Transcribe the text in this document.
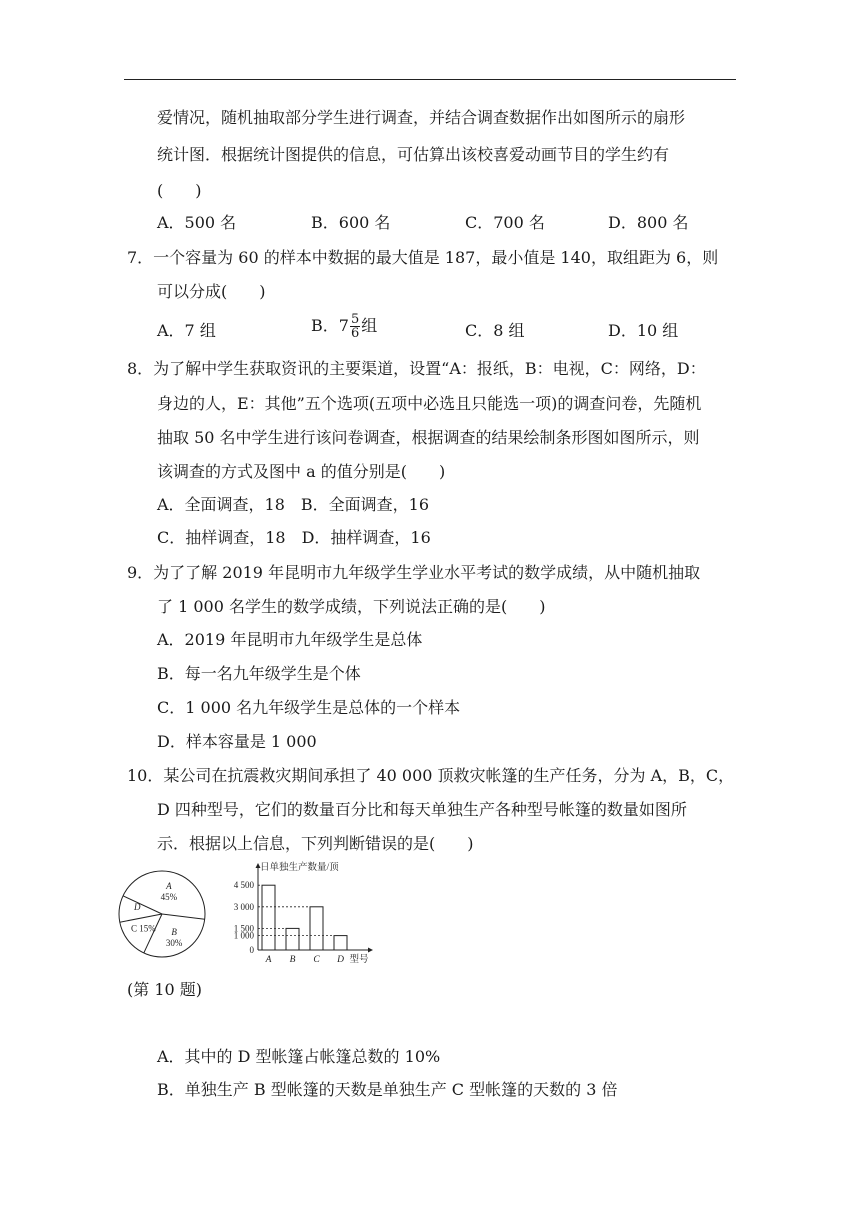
爱情况，随机抽取部分学生进行调查，并结合调查数据作出如图所示的扇形
统计图．根据统计图提供的信息，可估算出该校喜爱动画节目的学生约有
(　　)
A．500 名	B．600 名	C．700 名	D．800 名
7．一个容量为 60 的样本中数据的最大值是 187，最小值是 140，取组距为 6，则
可以分成(　　)
A．7 组	B．$7 \frac{5}{6}$ 组	C．8 组	D．10 组
8．为了解中学生获取资讯的主要渠道，设置“A：报纸，B：电视，C：网络，D：
身边的人，E：其他”五个选项(五项中必选且只能选一项)的调查问卷，先随机
抽取 50 名中学生进行该问卷调查，根据调查的结果绘制条形图如图所示，则
该调查的方式及图中 a 的值分别是(　　)
A．全面调查，18　B．全面调查，16
C．抽样调查，18　D．抽样调查，16
9．为了了解 2019 年昆明市九年级学生学业水平考试的数学成绩，从中随机抽取
了 1 000 名学生的数学成绩，下列说法正确的是(　　)
A．2019 年昆明市九年级学生是总体
B．每一名九年级学生是个体
C．1 000 名九年级学生是总体的一个样本
D．样本容量是 1 000
10．某公司在抗震救灾期间承担了 40 000 顶救灾帐篷的生产任务，分为 A，B，C，
D 四种型号，它们的数量百分比和每天单独生产各种型号帐篷的数量如图所
示．根据以上信息，下列判断错误的是(　　)
A
45%
B
30%
C 15%
D
日单独生产数量/顶
4 500
3 000
1 500
1 000
0
A B C D 型号
(第 10 题)
A．其中的 D 型帐篷占帐篷总数的 10%
B．单独生产 B 型帐篷的天数是单独生产 C 型帐篷的天数的 3 倍
